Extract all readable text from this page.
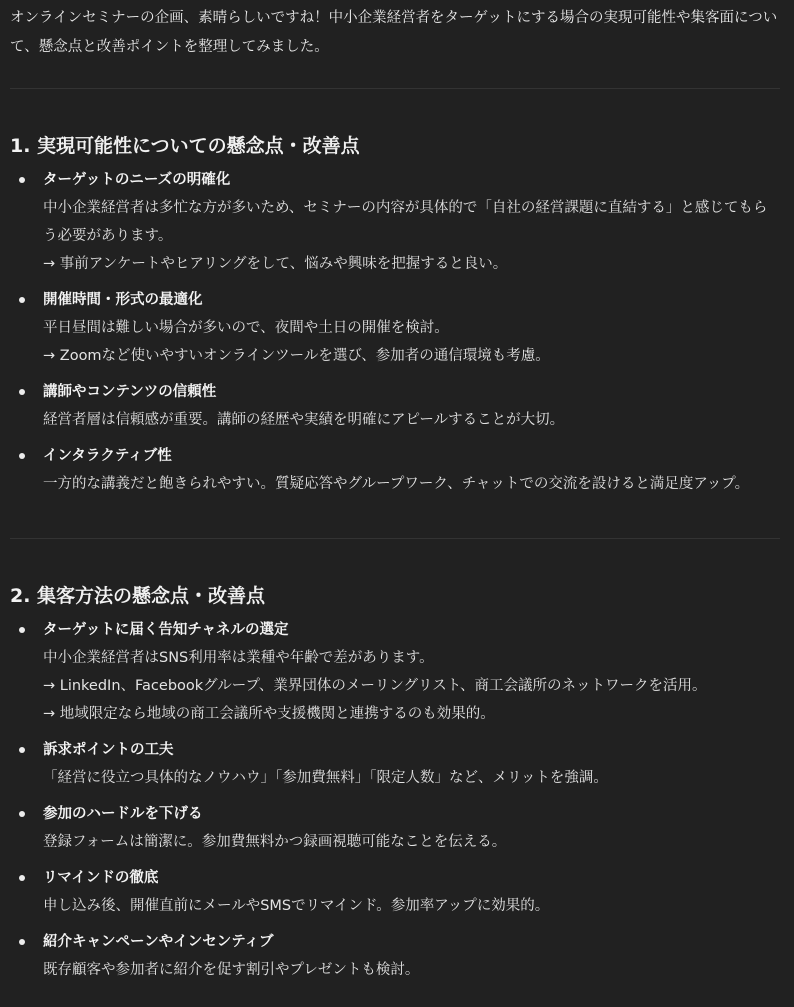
オンラインセミナーの企画、素晴らしいですね！中小企業経営者をターゲットにする場合の実現可能性や集客面について、懸念点と改善ポイントを整理してみました。

1. 実現可能性についての懸念点・改善点
ターゲットのニーズの明確化
中小企業経営者は多忙な方が多いため、セミナーの内容が具体的で「自社の経営課題に直結する」と感じてもらう必要があります。
→ 事前アンケートやヒアリングをして、悩みや興味を把握すると良い。
開催時間・形式の最適化
平日昼間は難しい場合が多いので、夜間や土日の開催を検討。
→ Zoomなど使いやすいオンラインツールを選び、参加者の通信環境も考慮。
講師やコンテンツの信頼性
経営者層は信頼感が重要。講師の経歴や実績を明確にアピールすることが大切。
インタラクティブ性
一方的な講義だと飽きられやすい。質疑応答やグループワーク、チャットでの交流を設けると満足度アップ。
2. 集客方法の懸念点・改善点
ターゲットに届く告知チャネルの選定
中小企業経営者はSNS利用率は業種や年齢で差があります。
→ LinkedIn、Facebookグループ、業界団体のメーリングリスト、商工会議所のネットワークを活用。
→ 地域限定なら地域の商工会議所や支援機関と連携するのも効果的。
訴求ポイントの工夫
「経営に役立つ具体的なノウハウ」「参加費無料」「限定人数」など、メリットを強調。
参加のハードルを下げる
登録フォームは簡潔に。参加費無料かつ録画視聴可能なことを伝える。
リマインドの徹底
申し込み後、開催直前にメールやSMSでリマインド。参加率アップに効果的。
紹介キャンペーンやインセンティブ
既存顧客や参加者に紹介を促す割引やプレゼントも検討。
